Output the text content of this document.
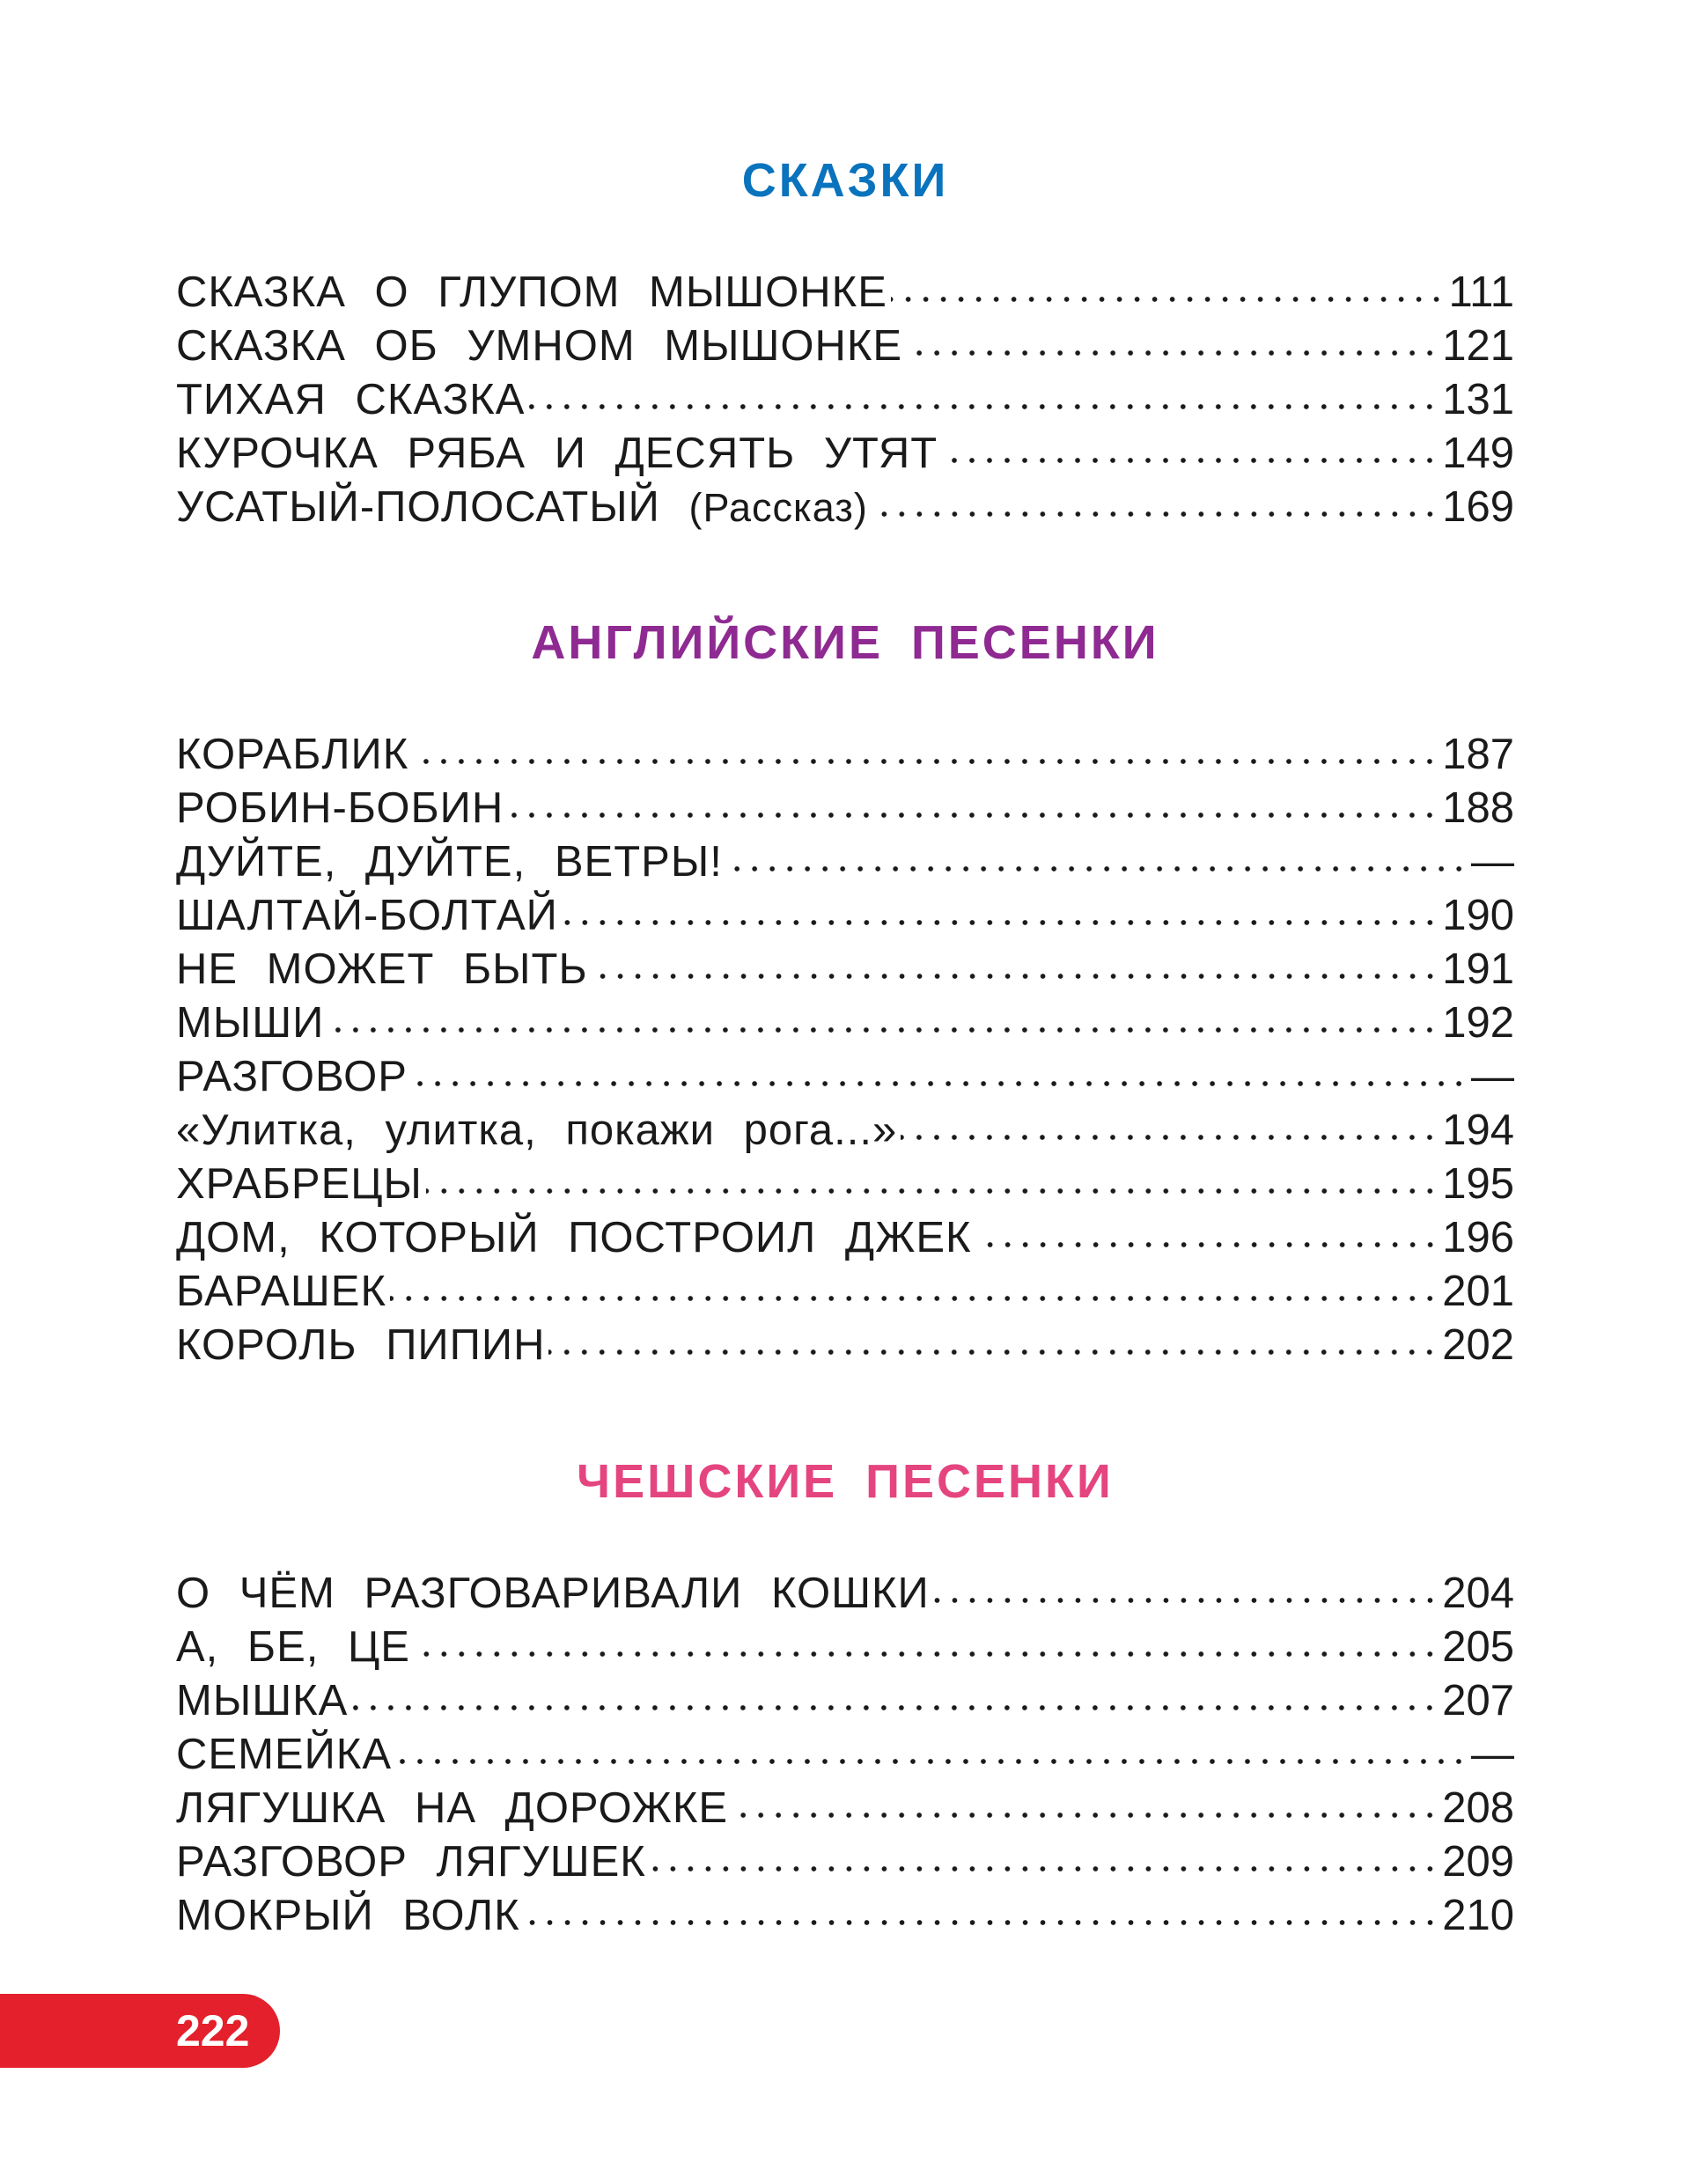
СКАЗКИ
СКАЗКА О ГЛУПОМ МЫШОНКЕ	111
СКАЗКА ОБ УМНОМ МЫШОНКЕ	121
ТИХАЯ СКАЗКА	131
КУРОЧКА РЯБА И ДЕСЯТЬ УТЯТ	149
УСАТЫЙ-ПОЛОСАТЫЙ (Рассказ)	169
АНГЛИЙСКИЕ ПЕСЕНКИ
КОРАБЛИК	187
РОБИН-БОБИН	188
ДУЙТЕ, ДУЙТЕ, ВЕТРЫ!	—
ШАЛТАЙ-БОЛТАЙ	190
НЕ МОЖЕТ БЫТЬ	191
МЫШИ	192
РАЗГОВОР	—
«Улитка, улитка, покажи рога...»	194
ХРАБРЕЦЫ	195
ДОМ, КОТОРЫЙ ПОСТРОИЛ ДЖЕК	196
БАРАШЕК	201
КОРОЛЬ ПИПИН	202
ЧЕШСКИЕ ПЕСЕНКИ
О ЧЁМ РАЗГОВАРИВАЛИ КОШКИ	204
А, БЕ, ЦЕ	205
МЫШКА	207
СЕМЕЙКА	—
ЛЯГУШКА НА ДОРОЖКЕ	208
РАЗГОВОР ЛЯГУШЕК	209
МОКРЫЙ ВОЛК	210
222
